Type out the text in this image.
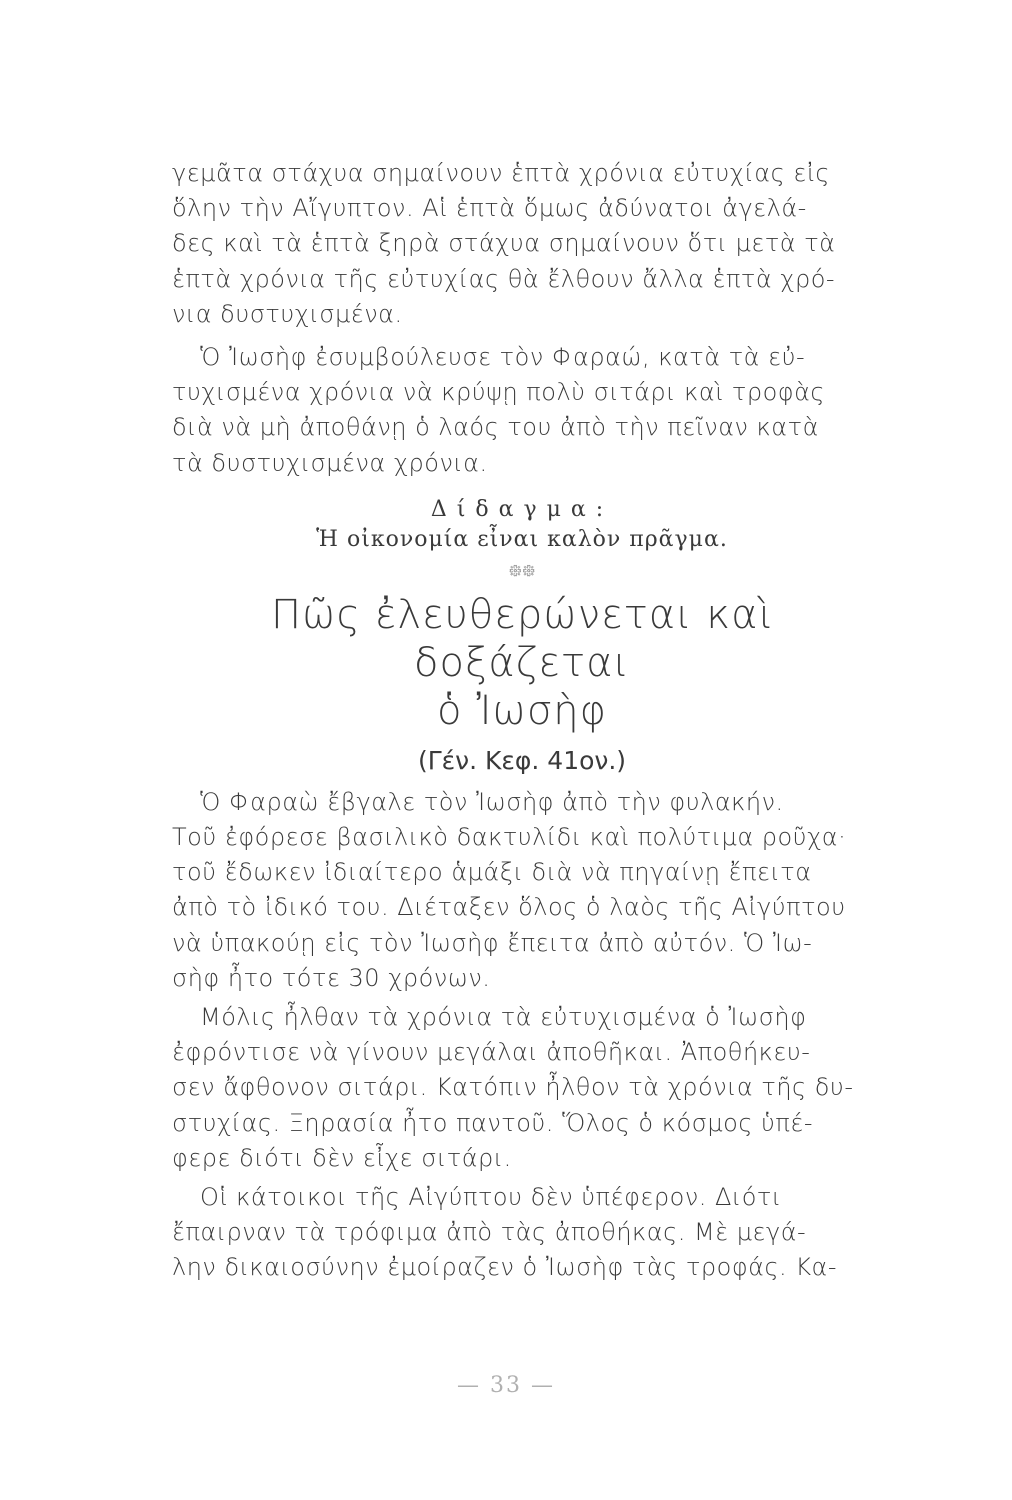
γεμᾶτα στάχυα σημαίνουν ἑπτὰ χρόνια εὐτυχίας εἰς
ὅλην τὴν Αἴγυπτον. Αἱ ἑπτὰ ὅμως ἀδύνατοι ἀγελά-
δες καὶ τὰ ἑπτὰ ξηρὰ στάχυα σημαίνουν ὅτι μετὰ τὰ
ἑπτὰ χρόνια τῆς εὐτυχίας θὰ ἔλθουν ἄλλα ἑπτὰ χρό-
νια δυστυχισμένα.

Ὁ Ἰωσὴφ ἐσυμβούλευσε τὸν Φαραώ, κατὰ τὰ εὐ-
τυχισμένα χρόνια νὰ κρύψῃ πολὺ σιτάρι καὶ τροφὰς
διὰ νὰ μὴ ἀποθάνῃ ὁ λαός του ἀπὸ τὴν πεῖναν κατὰ
τὰ δυστυχισμένα χρόνια.

Δίδαγμα:
Ἡ οἰκονομία εἶναι καλὸν πρᾶγμα.
᪥᪥
Πῶς ἐλευθερώνεται καὶ δοξάζεται
ὁ Ἰωσὴφ
(Γέν. Κεφ. 41ον.)

Ὁ Φαραὼ ἔβγαλε τὸν Ἰωσὴφ ἀπὸ τὴν φυλακήν.
Τοῦ ἐφόρεσε βασιλικὸ δακτυλίδι καὶ πολύτιμα ροῦχα·
τοῦ ἔδωκεν ἰδιαίτερο ἁμάξι διὰ νὰ πηγαίνῃ ἔπειτα
ἀπὸ τὸ ἰδικό του. Διέταξεν ὅλος ὁ λαὸς τῆς Αἰγύπτου
νὰ ὑπακούῃ εἰς τὸν Ἰωσὴφ ἔπειτα ἀπὸ αὐτόν. Ὁ Ἰω-
σὴφ ἦτο τότε 30 χρόνων.

Μόλις ἦλθαν τὰ χρόνια τὰ εὐτυχισμένα ὁ Ἰωσὴφ
ἐφρόντισε νὰ γίνουν μεγάλαι ἀποθῆκαι. Ἀποθήκευ-
σεν ἄφθονον σιτάρι. Κατόπιν ἦλθον τὰ χρόνια τῆς δυ-
στυχίας. Ξηρασία ἦτο παντοῦ. Ὅλος ὁ κόσμος ὑπέ-
φερε διότι δὲν εἶχε σιτάρι.

Οἱ κάτοικοι τῆς Αἰγύπτου δὲν ὑπέφερον. Διότι
ἔπαιρναν τὰ τρόφιμα ἀπὸ τὰς ἀποθήκας. Μὲ μεγά-
λην δικαιοσύνην ἐμοίραζεν ὁ Ἰωσὴφ τὰς τροφάς. Κα-

— 33 —
